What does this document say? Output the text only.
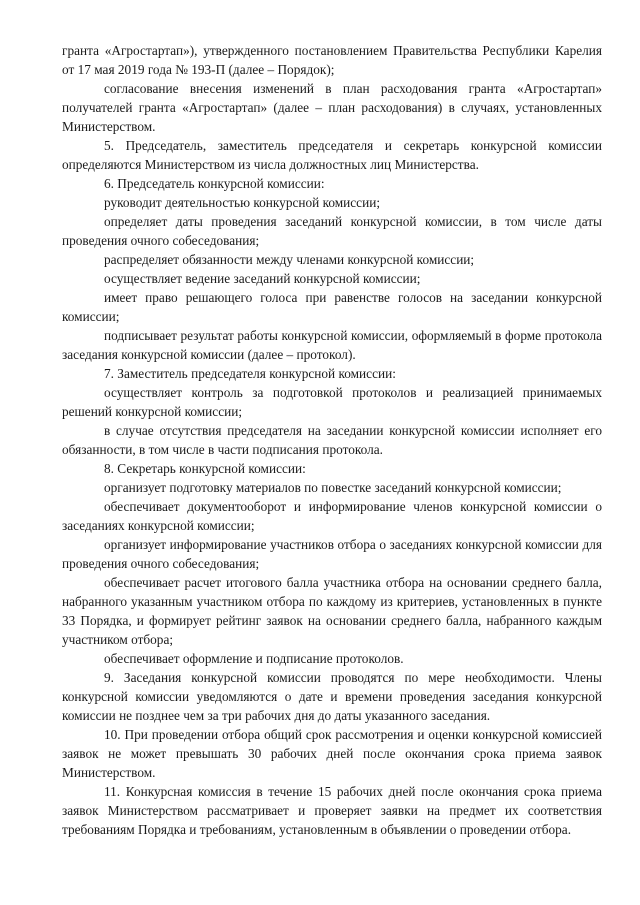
гранта «Агростартап»), утвержденного постановлением Правительства Республики Карелия от 17 мая 2019 года № 193-П (далее – Порядок);

согласование внесения изменений в план расходования гранта «Агростартап» получателей гранта «Агростартап» (далее – план расходования) в случаях, установленных Министерством.

5. Председатель, заместитель председателя и секретарь конкурсной комиссии определяются Министерством из числа должностных лиц Министерства.

6. Председатель конкурсной комиссии:

руководит деятельностью конкурсной комиссии;

определяет даты проведения заседаний конкурсной комиссии, в том числе даты проведения очного собеседования;

распределяет обязанности между членами конкурсной комиссии;

осуществляет ведение заседаний конкурсной комиссии;

имеет право решающего голоса при равенстве голосов на заседании конкурсной комиссии;

подписывает результат работы конкурсной комиссии, оформляемый в форме протокола заседания конкурсной комиссии (далее – протокол).

7. Заместитель председателя конкурсной комиссии:

осуществляет контроль за подготовкой протоколов и реализацией принимаемых решений конкурсной комиссии;

в случае отсутствия председателя на заседании конкурсной комиссии исполняет его обязанности, в том числе в части подписания протокола.

8. Секретарь конкурсной комиссии:

организует подготовку материалов по повестке заседаний конкурсной комиссии;

обеспечивает документооборот и информирование членов конкурсной комиссии о заседаниях конкурсной комиссии;

организует информирование участников отбора о заседаниях конкурсной комиссии для проведения очного собеседования;

обеспечивает расчет итогового балла участника отбора на основании среднего балла, набранного указанным участником отбора по каждому из критериев, установленных в пункте 33 Порядка, и формирует рейтинг заявок на основании среднего балла, набранного каждым участником отбора;

обеспечивает оформление и подписание протоколов.

9. Заседания конкурсной комиссии проводятся по мере необходимости. Члены конкурсной комиссии уведомляются о дате и времени проведения заседания конкурсной комиссии не позднее чем за три рабочих дня до даты указанного заседания.

10. При проведении отбора общий срок рассмотрения и оценки конкурсной комиссией заявок не может превышать 30 рабочих дней после окончания срока приема заявок Министерством.

11. Конкурсная комиссия в течение 15 рабочих дней после окончания срока приема заявок Министерством рассматривает и проверяет заявки на предмет их соответствия требованиям Порядка и требованиям, установленным в объявлении о проведении отбора.
